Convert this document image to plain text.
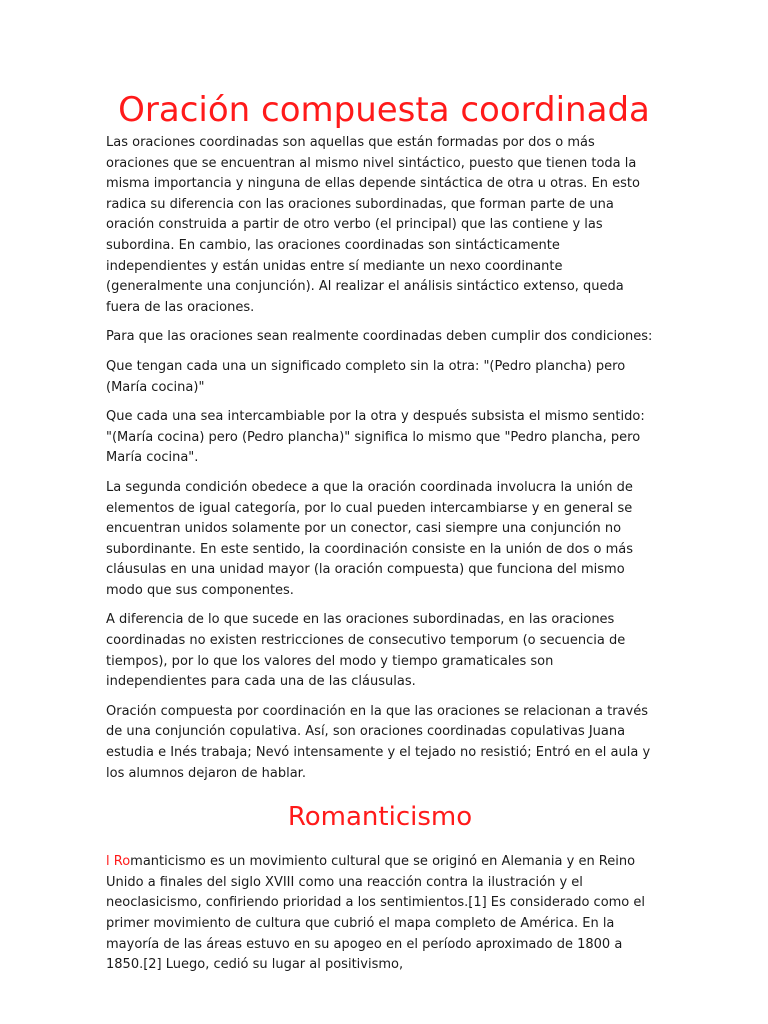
Oración compuesta coordinada

Las oraciones coordinadas son aquellas que están formadas por dos o más oraciones que se encuentran al mismo nivel sintáctico, puesto que tienen toda la misma importancia y ninguna de ellas depende sintáctica de otra u otras. En esto radica su diferencia con las oraciones subordinadas, que forman parte de una oración construida a partir de otro verbo (el principal) que las contiene y las subordina. En cambio, las oraciones coordinadas son sintácticamente independientes y están unidas entre sí mediante un nexo coordinante (generalmente una conjunción). Al realizar el análisis sintáctico extenso, queda fuera de las oraciones.

Para que las oraciones sean realmente coordinadas deben cumplir dos condiciones:

Que tengan cada una un significado completo sin la otra: "(Pedro plancha) pero (María cocina)"

Que cada una sea intercambiable por la otra y después subsista el mismo sentido: "(María cocina) pero (Pedro plancha)" significa lo mismo que "Pedro plancha, pero María cocina".

La segunda condición obedece a que la oración coordinada involucra la unión de elementos de igual categoría, por lo cual pueden intercambiarse y en general se encuentran unidos solamente por un conector, casi siempre una conjunción no subordinante. En este sentido, la coordinación consiste en la unión de dos o más cláusulas en una unidad mayor (la oración compuesta) que funciona del mismo modo que sus componentes.

A diferencia de lo que sucede en las oraciones subordinadas, en las oraciones coordinadas no existen restricciones de consecutivo temporum (o secuencia de tiempos), por lo que los valores del modo y tiempo gramaticales son independientes para cada una de las cláusulas.

Oración compuesta por coordinación en la que las oraciones se relacionan a través de una conjunción copulativa. Así, son oraciones coordinadas copulativas Juana estudia e Inés trabaja; Nevó intensamente y el tejado no resistió; Entró en el aula y los alumnos dejaron de hablar.

Romanticismo

l Romanticismo es un movimiento cultural que se originó en Alemania y en Reino Unido a finales del siglo XVIII como una reacción contra la ilustración y el neoclasicismo, confiriendo prioridad a los sentimientos.[1] Es considerado como el primer movimiento de cultura que cubrió el mapa completo de América. En la mayoría de las áreas estuvo en su apogeo en el período aproximado de 1800 a 1850.[2] Luego, cedió su lugar al positivismo,
